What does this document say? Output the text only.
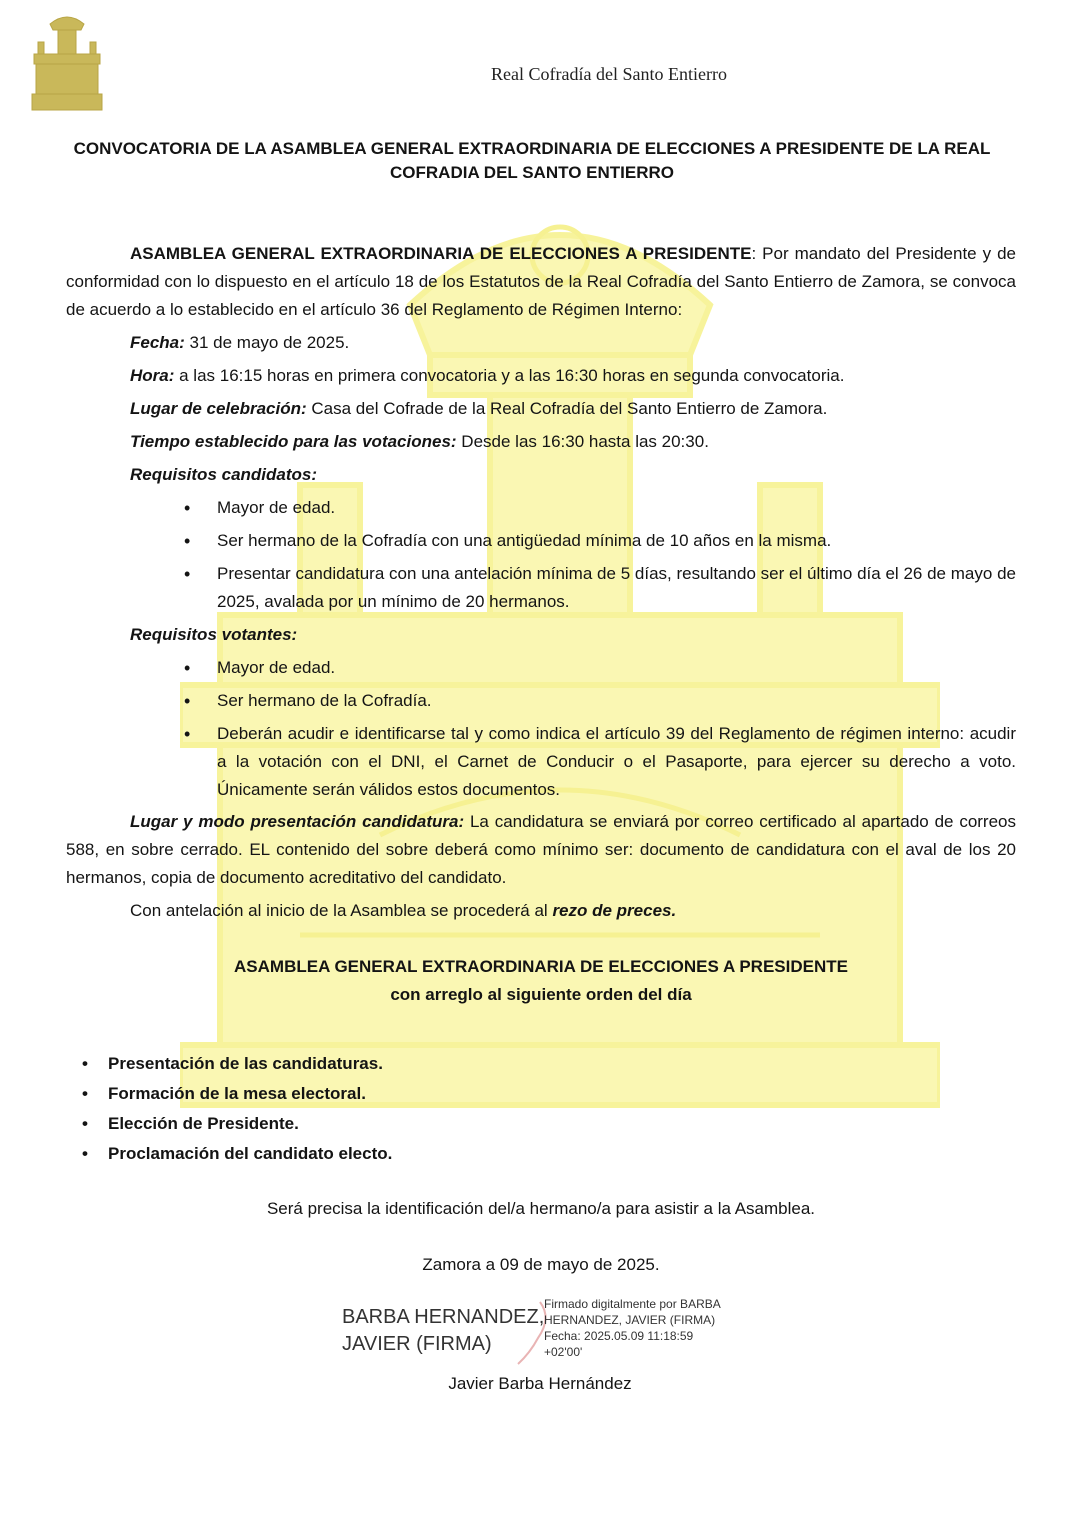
Real Cofradía del Santo Entierro
CONVOCATORIA DE LA ASAMBLEA GENERAL EXTRAORDINARIA DE ELECCIONES A PRESIDENTE DE LA REAL COFRADIA DEL SANTO ENTIERRO

ASAMBLEA GENERAL EXTRAORDINARIA DE ELECCIONES A PRESIDENTE: Por mandato del Presidente y de conformidad con lo dispuesto en el artículo 18 de los Estatutos de la Real Cofradía del Santo Entierro de Zamora, se convoca de acuerdo a lo establecido en el artículo 36 del Reglamento de Régimen Interno:

Fecha: 31 de mayo de 2025.
Hora: a las 16:15 horas en primera convocatoria y a las 16:30 horas en segunda convocatoria.
Lugar de celebración: Casa del Cofrade de la Real Cofradía del Santo Entierro de Zamora.
Tiempo establecido para las votaciones: Desde las 16:30 hasta las 20:30.
Requisitos candidatos:
• Mayor de edad.
• Ser hermano de la Cofradía con una antigüedad mínima de 10 años en la misma.
• Presentar candidatura con una antelación mínima de 5 días, resultando ser el último día el 26 de mayo de 2025, avalada por un mínimo de 20 hermanos.
Requisitos votantes:
• Mayor de edad.
• Ser hermano de la Cofradía.
• Deberán acudir e identificarse tal y como indica el artículo 39 del Reglamento de régimen interno: acudir a la votación con el DNI, el Carnet de Conducir o el Pasaporte, para ejercer su derecho a voto. Únicamente serán válidos estos documentos.

Lugar y modo presentación candidatura: La candidatura se enviará por correo certificado al apartado de correos 588, en sobre cerrado. EL contenido del sobre deberá como mínimo ser: documento de candidatura con el aval de los 20 hermanos, copia de documento acreditativo del candidato.

Con antelación al inicio de la Asamblea se procederá al rezo de preces.
ASAMBLEA GENERAL EXTRAORDINARIA DE ELECCIONES A PRESIDENTE
con arreglo al siguiente orden del día
• Presentación de las candidaturas.
• Formación de la mesa electoral.
• Elección de Presidente.
• Proclamación del candidato electo.
Será precisa la identificación del/a hermano/a para asistir a la Asamblea.
Zamora a 09 de mayo de 2025.
BARBA HERNANDEZ,
JAVIER (FIRMA)
Firmado digitalmente por BARBA
HERNANDEZ, JAVIER (FIRMA)
Fecha: 2025.05.09 11:18:59
+02'00'
Javier Barba Hernández
